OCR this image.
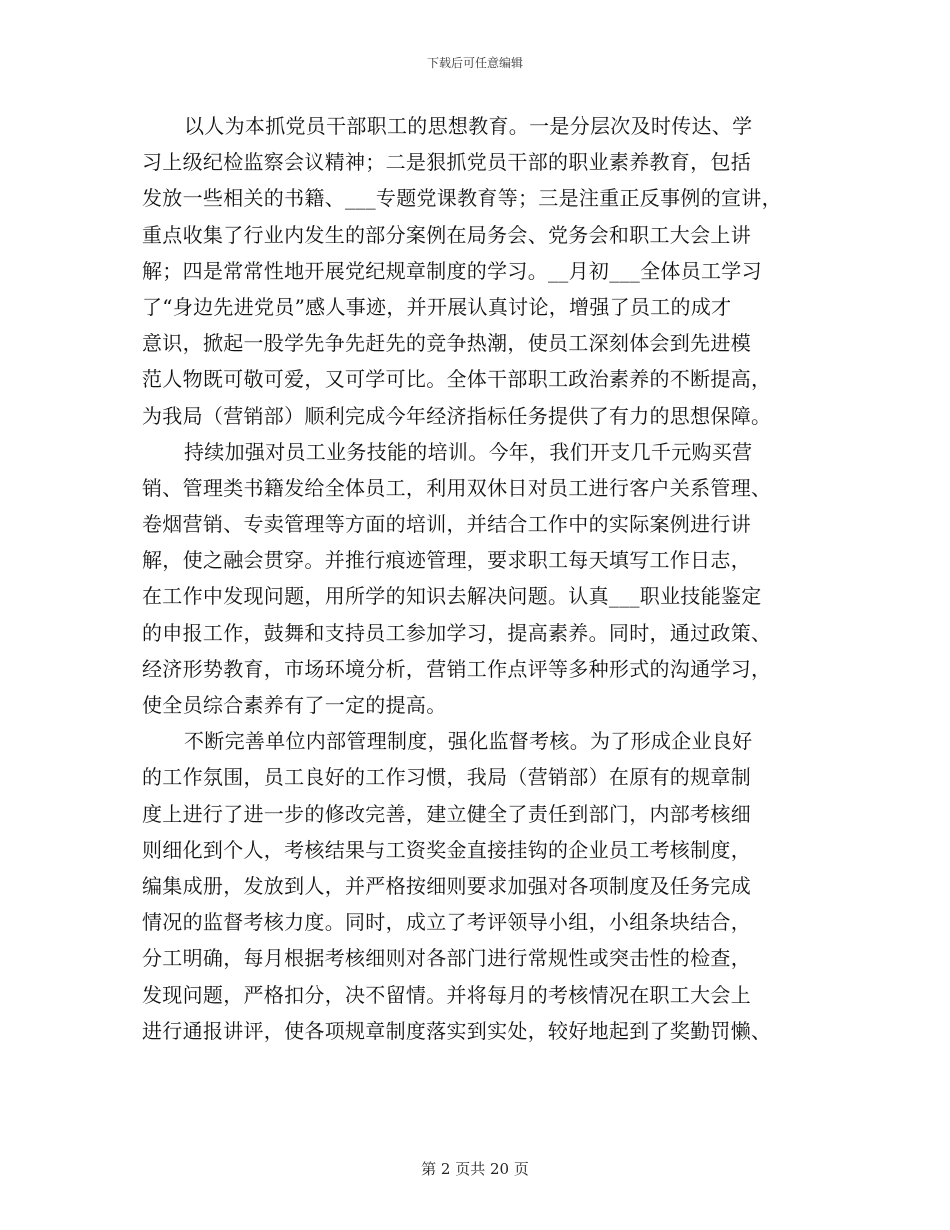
下载后可任意编辑
以人为本抓党员干部职工的思想教育。一是分层次及时传达、学
习上级纪检监察会议精神；二是狠抓党员干部的职业素养教育，包括
发放一些相关的书籍、___专题党课教育等；三是注重正反事例的宣讲，
重点收集了行业内发生的部分案例在局务会、党务会和职工大会上讲
解；四是常常性地开展党纪规章制度的学习。__月初___全体员工学习
了“身边先进党员”感人事迹，并开展认真讨论，增强了员工的成才
意识，掀起一股学先争先赶先的竞争热潮，使员工深刻体会到先进模
范人物既可敬可爱，又可学可比。全体干部职工政治素养的不断提高，
为我局（营销部）顺利完成今年经济指标任务提供了有力的思想保障。
持续加强对员工业务技能的培训。今年，我们开支几千元购买营
销、管理类书籍发给全体员工，利用双休日对员工进行客户关系管理、
卷烟营销、专卖管理等方面的培训，并结合工作中的实际案例进行讲
解，使之融会贯穿。并推行痕迹管理，要求职工每天填写工作日志，
在工作中发现问题，用所学的知识去解决问题。认真___职业技能鉴定
的申报工作，鼓舞和支持员工参加学习，提高素养。同时，通过政策、
经济形势教育，市场环境分析，营销工作点评等多种形式的沟通学习，
使全员综合素养有了一定的提高。
不断完善单位内部管理制度，强化监督考核。为了形成企业良好
的工作氛围，员工良好的工作习惯，我局（营销部）在原有的规章制
度上进行了进一步的修改完善，建立健全了责任到部门，内部考核细
则细化到个人，考核结果与工资奖金直接挂钩的企业员工考核制度，
编集成册，发放到人，并严格按细则要求加强对各项制度及任务完成
情况的监督考核力度。同时，成立了考评领导小组，小组条块结合，
分工明确，每月根据考核细则对各部门进行常规性或突击性的检查，
发现问题，严格扣分，决不留情。并将每月的考核情况在职工大会上
进行通报讲评，使各项规章制度落实到实处，较好地起到了奖勤罚懒、
第 2 页共 20 页
